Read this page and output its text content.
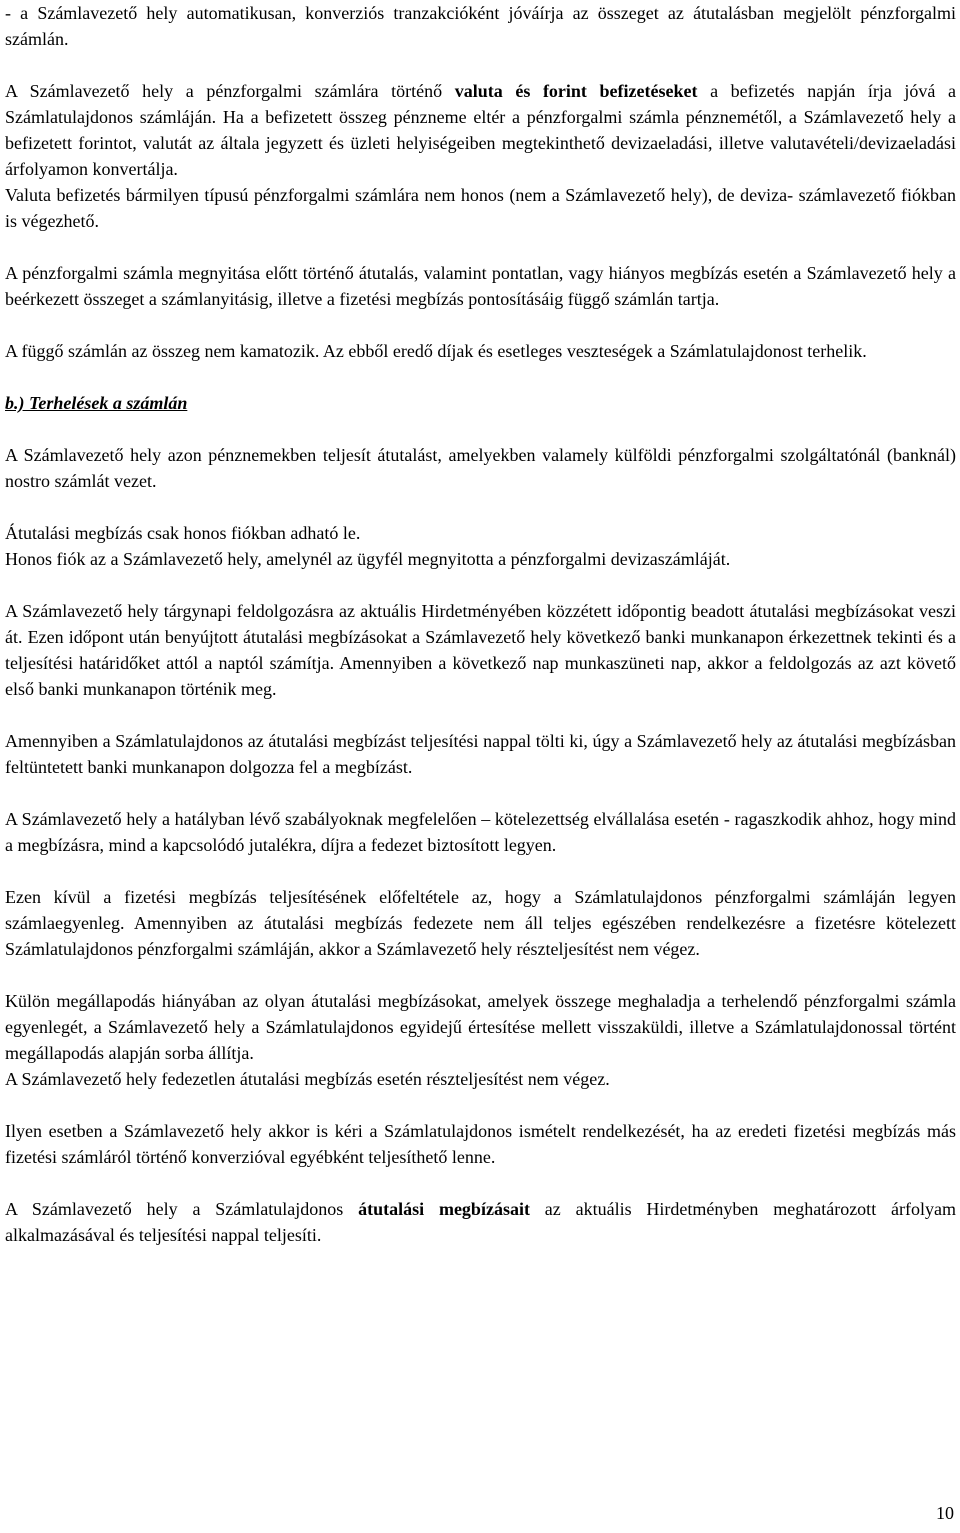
- a Számlavezető hely automatikusan, konverziós tranzakcióként jóváírja az összeget az átutalásban megjelölt pénzforgalmi számlán.

A Számlavezető hely a pénzforgalmi számlára történő valuta és forint befizetéseket a befizetés napján írja jóvá a Számlatulajdonos számláján. Ha a befizetett összeg pénzneme eltér a pénzforgalmi számla pénznemétől, a Számlavezető hely a befizetett forintot, valutát az általa jegyzett és üzleti helyiségeiben megtekinthető devizaeladási, illetve valutavételi/devizaeladási árfolyamon konvertálja.

Valuta befizetés bármilyen típusú pénzforgalmi számlára nem honos (nem a Számlavezető hely), de deviza- számlavezető fiókban is végezhető.

A pénzforgalmi számla megnyitása előtt történő átutalás, valamint pontatlan, vagy hiányos megbízás esetén a Számlavezető hely a beérkezett összeget a számlanyitásig, illetve a fizetési megbízás pontosításáig függő számlán tartja.

A függő számlán az összeg nem kamatozik. Az ebből eredő díjak és esetleges veszteségek a Számlatulajdonost terhelik.

b.) Terhelések a számlán

A Számlavezető hely azon pénznemekben teljesít átutalást, amelyekben valamely külföldi pénzforgalmi szolgáltatónál (banknál) nostro számlát vezet.

Átutalási megbízás csak honos fiókban adható le.

Honos fiók az a Számlavezető hely, amelynél az ügyfél megnyitotta a pénzforgalmi devizaszámláját.

A Számlavezető hely tárgynapi feldolgozásra az aktuális Hirdetményében közzétett időpontig beadott átutalási megbízásokat veszi át. Ezen időpont után benyújtott átutalási megbízásokat a Számlavezető hely következő banki munkanapon érkezettnek tekinti és a teljesítési határidőket attól a naptól számítja. Amennyiben a következő nap munkaszüneti nap, akkor a feldolgozás az azt követő első banki munkanapon történik meg.

Amennyiben a Számlatulajdonos az átutalási megbízást teljesítési nappal tölti ki, úgy a Számlavezető hely az átutalási megbízásban feltüntetett banki munkanapon dolgozza fel a megbízást.

A Számlavezető hely a hatályban lévő szabályoknak megfelelően – kötelezettség elvállalása esetén - ragaszkodik ahhoz, hogy mind a megbízásra, mind a kapcsolódó jutalékra, díjra a fedezet biztosított legyen.

Ezen kívül a fizetési megbízás teljesítésének előfeltétele az, hogy a Számlatulajdonos pénzforgalmi számláján legyen számlaegyenleg. Amennyiben az átutalási megbízás fedezete nem áll teljes egészében rendelkezésre a fizetésre kötelezett Számlatulajdonos pénzforgalmi számláján, akkor a Számlavezető hely részteljesítést nem végez.

Külön megállapodás hiányában az olyan átutalási megbízásokat, amelyek összege meghaladja a terhelendő pénzforgalmi számla egyenlegét, a Számlavezető hely a Számlatulajdonos egyidejű értesítése mellett visszaküldi, illetve a Számlatulajdonossal történt megállapodás alapján sorba állítja.

A Számlavezető hely fedezetlen átutalási megbízás esetén részteljesítést nem végez.

Ilyen esetben a Számlavezető hely akkor is kéri a Számlatulajdonos ismételt rendelkezését, ha az eredeti fizetési megbízás más fizetési számláról történő konverzióval egyébként teljesíthető lenne.

A Számlavezető hely a Számlatulajdonos átutalási megbízásait az aktuális Hirdetményben meghatározott árfolyam alkalmazásával és teljesítési nappal teljesíti.

10
